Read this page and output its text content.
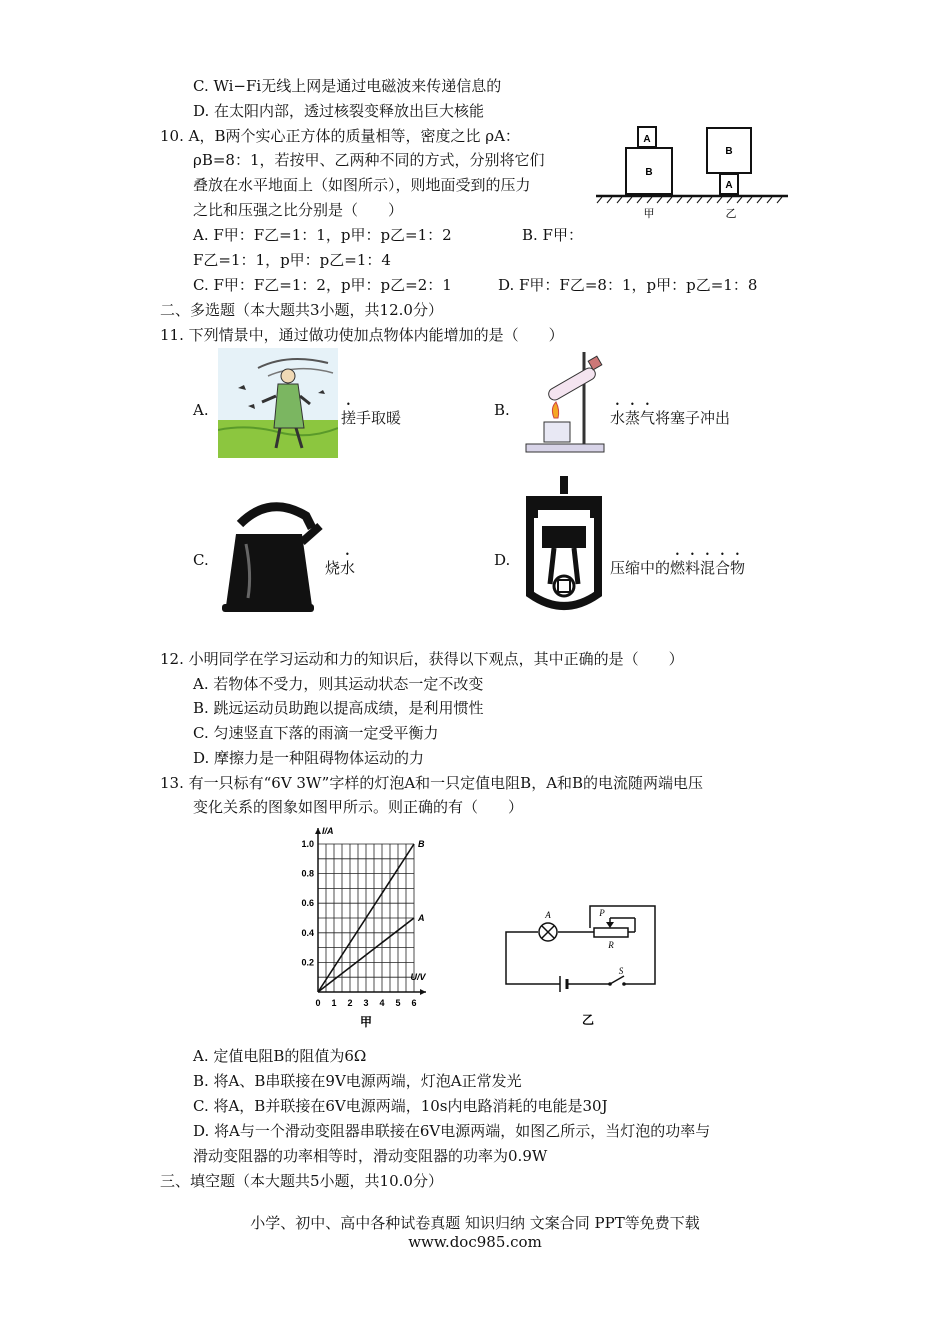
C. Wi−Fi无线上网是通过电磁波来传递信息的
D. 在太阳内部，透过核裂变释放出巨大核能
10. A，B两个实心正方体的质量相等，密度之比 ρA：
ρB=8：1，若按甲、乙两种不同的方式，分别将它们
叠放在水平地面上（如图所示），则地面受到的压力
之比和压强之比分别是（　　）
A. F甲：F乙=1：1，p甲：p乙=1：2	B. F甲：
F乙=1：1，p甲：p乙=1：4
C. F甲：F乙=1：2，p甲：p乙=2：1	D. F甲：F乙=8：1，p甲：p乙=1：8
A
B
B
A
甲	乙
二、多选题（本大题共3小题，共12.0分）
11. 下列情景中，通过做功使加点物体内能增加的是（　　）
A.	搓手取暖	B.	水蒸气将塞子冲出
C.	烧水	D.	压缩中的燃料混合物
12. 小明同学在学习运动和力的知识后，获得以下观点，其中正确的是（　　）
A. 若物体不受力，则其运动状态一定不改变
B. 跳远运动员助跑以提高成绩，是利用惯性
C. 匀速竖直下落的雨滴一定受平衡力
D. 摩擦力是一种阻碍物体运动的力
13. 有一只标有“6V 3W”字样的灯泡A和一只定值电阻B，A和B的电流随两端电压
变化关系的图象如图甲所示。则正确的有（　　）
0 1 2 3 4 5 6
0.2
0.4
0.6
0.8
1.0
U/V
I/A
B
A
甲
A	P
R
S
乙
A. 定值电阻B的阻值为6Ω
B. 将A、B串联接在9V电源两端，灯泡A正常发光
C. 将A，B并联接在6V电源两端，10s内电路消耗的电能是30J
D. 将A与一个滑动变阻器串联接在6V电源两端，如图乙所示，当灯泡的功率与
滑动变阻器的功率相等时，滑动变阻器的功率为0.9W
三、填空题（本大题共5小题，共10.0分）
小学、初中、高中各种试卷真题 知识归纳 文案合同 PPT等免费下载
www.doc985.com
